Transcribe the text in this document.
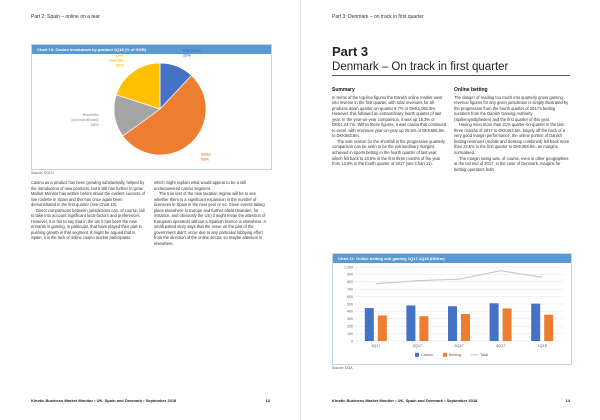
Part 2: Spain – online on a tear
Chart 13: Casino breakdown by product 1Q18 (% of GGR)	Blackjack
12%
Slots
53%
Roulette (conventional)
15%
Live roulette
20%
Source: DGOJ

Casino as a product has been growing substantially, helped by the introduction of new products, but it still has further to grow. Market Monitor has written before about the evident success of live roulette in Spain and this has once again been demonstrated in the first quarter (see Chart 13).

Direct comparisons between jurisdictions can, of course, fail to take into account significant local factors and preferences. However, it is fair to say that in the UK it has been the new entrants in gaming, in particular, that have played their part in pushing growth in that segment. It might be argued that in Spain, it is the lack of online casino market participants

which might explain what would appear to be a still underpowered casino segment.

The true test of the new taxation regime will be to see whether there is a significant expansion in the number of licensees in Spain in the next year or so. Given events taking place elsewhere in Europe and further afield (Sweden, for instance, and obviously the US) it might mean the attention of European operators without a Spanish licence is elsewhere. A small potted story says that the move on the part of the government didn’t occur due to any particular lobbying effort from the direction of the online sector, so maybe attention is elsewhere.

Kinetic Business Market Monitor • UK, Spain and Denmark • September 2018	13
Part 3: Denmark – on track in first quarter
Part 3
Denmark – On track in first quarter
Summary

In terms of the top-line figures the Danish online market went into reverse in the first quarter, with total revenues for all products down quarter-on-quarter 6.7% or DKK1,062.9m. However, this followed an extraordinary fourth quarter of last year. In the year-on-year comparison, it was up 16.3% or DKK1,24.7m. Within these figures, it was casino that continued to excel, with revenues year-on-year up 25.5% or DKK605.8m to DKK582.8m.

The sole reason for the shortfall in the progressive quarterly comparison can be seen to be the extraordinary margins achieved in sports betting in the fourth quarter of last year, which fell back to 10.5% in the first three months of the year from 13.9% in the fourth quarter of 2017 (see Chart 11).

Online betting

The danger of reading too much into quarterly gross gaming revenue figures for any given jurisdiction is simply illustrated by the progression from the fourth quarter of 2017’s betting numbers from the Danish Gaming Authority (Spillemyndigheden) and the first quarter of this year.

Having risen more than 21% quarter-on-quarter in the last three months of 2017 to DKK464.5m, largely off the back of a very good margin performance, the online portion of Danish betting revenues (mobile and desktop combined) fell back more than 22.5% in the first quarter to DKK359.6m, as margins normalised.

The margin swing was, of course, even in other geographies at the tail end of 2017, in the case of Denmark, margins for betting operators both

Chart 11: Online betting and gaming 1Q17-1Q18 (DKKm)
0
100
200
300
400
500
600
700
800
900
1,000
1Q17	2Q17	3Q17	4Q17	1Q18
Casino	Betting	Total
Source: DGA
Kinetic Business Market Monitor • UK, Spain and Denmark • September 2018	14
